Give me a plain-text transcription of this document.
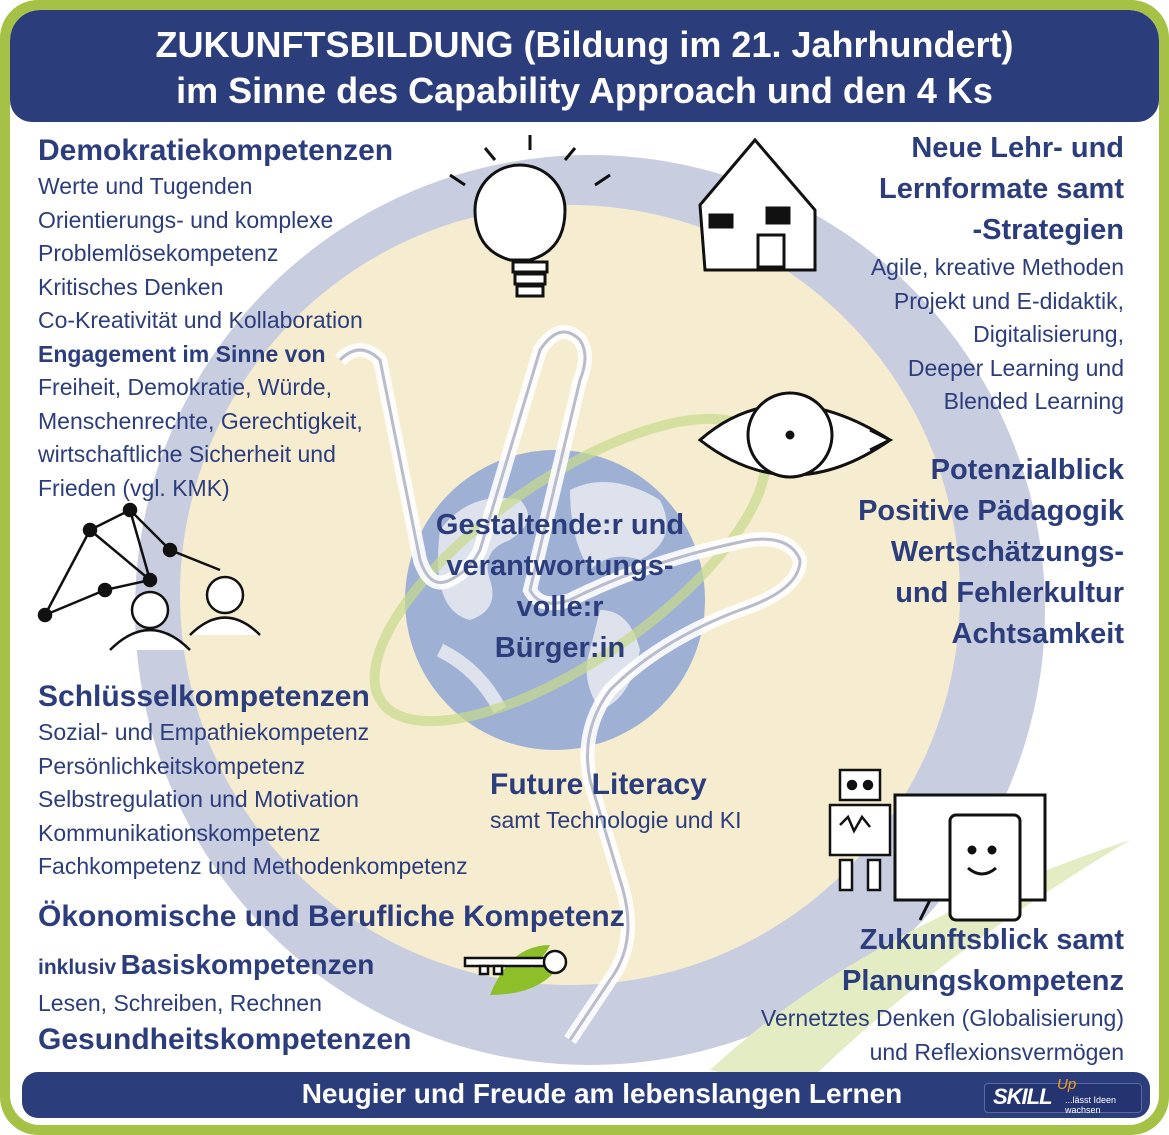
ZUKUNFTSBILDUNG (Bildung im 21. Jahrhundert)
im Sinne des Capability Approach und den 4 Ks
Demokratiekompetenzen
Werte und Tugenden
Orientierungs- und komplexe
Problemlösekompetenz
Kritisches Denken
Co-Kreativität und Kollaboration
Engagement im Sinne von
Freiheit, Demokratie, Würde,
Menschenrechte, Gerechtigkeit,
wirtschaftliche Sicherheit und
Frieden (vgl. KMK)
Neue Lehr- und
Lernformate samt
-Strategien
Agile, kreative Methoden
Projekt und E-didaktik,
Digitalisierung,
Deeper Learning und
Blended Learning
Potenzialblick
Positive Pädagogik
Wertschätzungs-
und Fehlerkultur
Achtsamkeit
Gestaltende:r und
verantwortungs-
volle:r
Bürger:in
Schlüsselkompetenzen
Sozial- und Empathiekompetenz
Persönlichkeitskompetenz
Selbstregulation und Motivation
Kommunikationskompetenz
Fachkompetenz und Methodenkompetenz
Future Literacy
samt Technologie und KI
Ökonomische und Berufliche Kompetenz
inklusiv Basiskompetenzen
Lesen, Schreiben, Rechnen
Gesundheitskompetenzen
Zukunftsblick samt
Planungskompetenz
Vernetztes Denken (Globalisierung)
und Reflexionsvermögen
Neugier und Freude am lebenslangen Lernen	SKILL Up
...lässt Ideen wachsen
